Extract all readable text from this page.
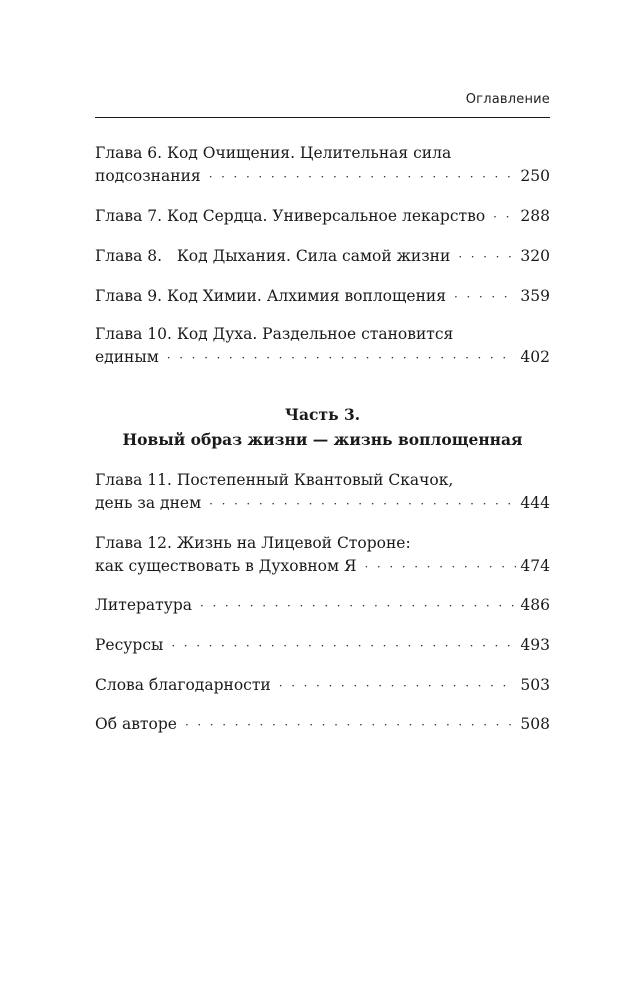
Оглавление
Глава 6. Код Очищения. Целительная сила
подсознания · · ·	250
Глава 7. Код Сердца. Универсальное лекарство · · · 288
Глава 8.   Код Дыхания. Сила самой жизни · · ·	320
Глава 9. Код Химии. Алхимия воплощения · · ·	359
Глава 10. Код Духа. Раздельное становится
единым · · ·	402
Часть 3.
Новый образ жизни — жизнь воплощенная
Глава 11. Постепенный Квантовый Скачок,
день за днем · · ·	444
Глава 12. Жизнь на Лицевой Стороне:
как существовать в Духовном Я · · ·	474
Литература · · ·	486
Ресурсы · · ·	493
Слова благодарности · · ·	503
Об авторе · · ·	508
